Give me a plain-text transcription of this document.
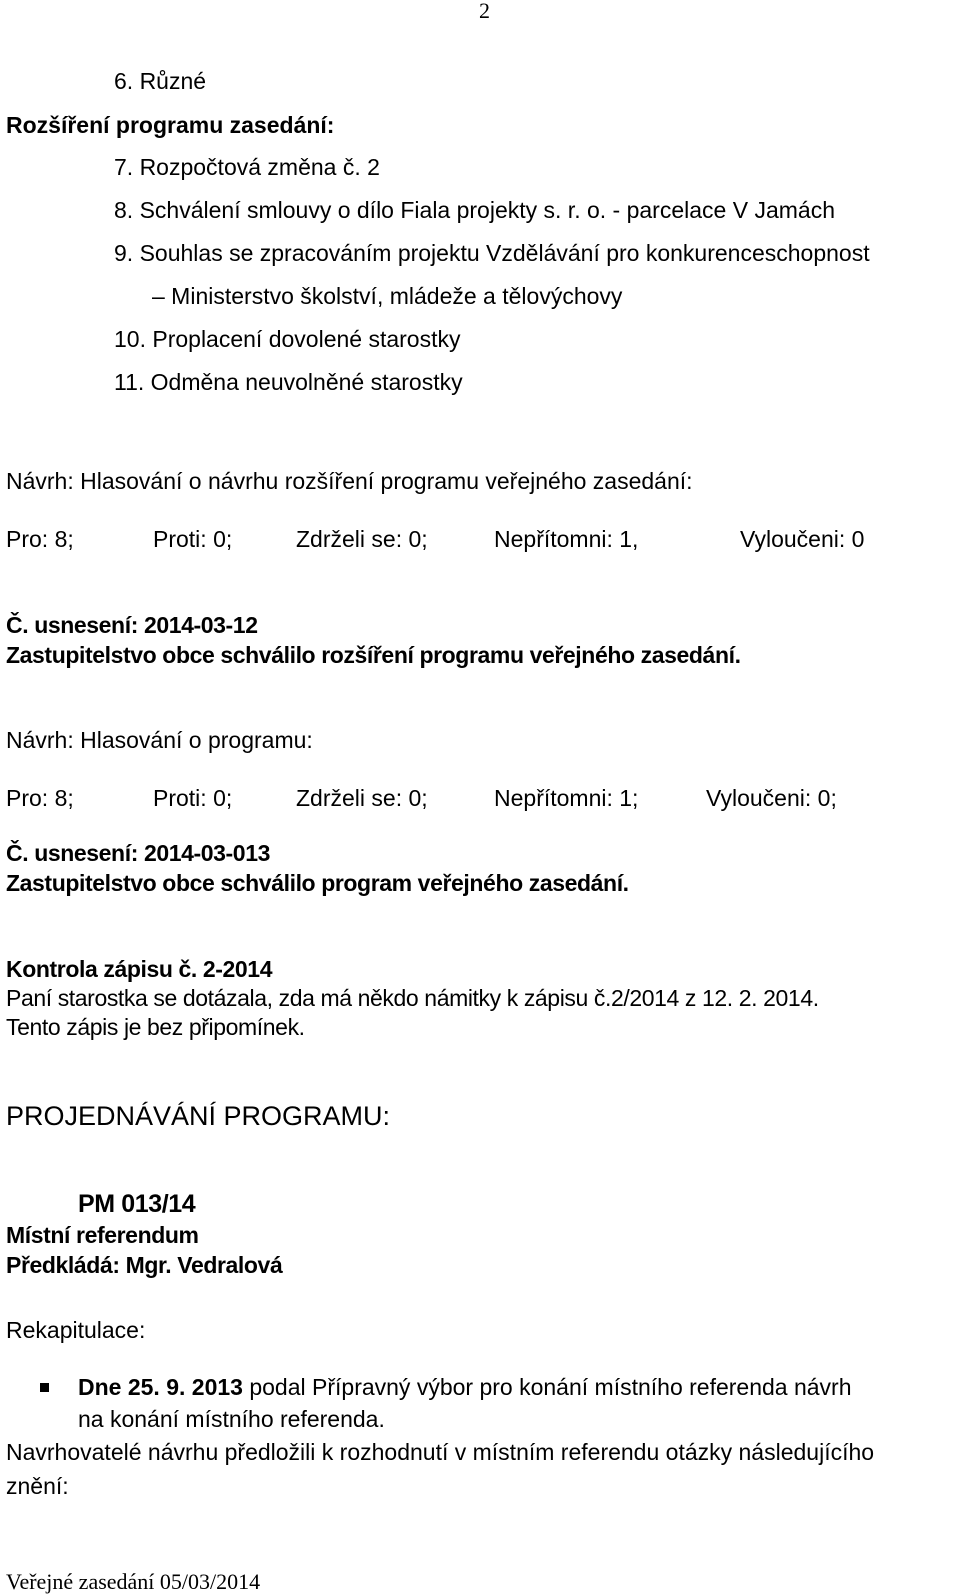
2
6. Různé
Rozšíření programu zasedání:
7. Rozpočtová změna č. 2
8. Schválení smlouvy o dílo Fiala projekty s. r. o. - parcelace V Jamách
9. Souhlas se zpracováním projektu Vzdělávání pro konkurenceschopnost
– Ministerstvo školství, mládeže a tělovýchovy
10. Proplacení dovolené starostky
11. Odměna neuvolněné starostky
Návrh: Hlasování o návrhu rozšíření programu veřejného zasedání:
Pro: 8;	Proti: 0;	Zdrželi se: 0;	Nepřítomni: 1,	Vyloučeni: 0
Č. usnesení: 2014-03-12
Zastupitelstvo obce schválilo rozšíření programu veřejného zasedání.
Návrh: Hlasování o programu:
Pro: 8;	Proti: 0;	Zdrželi se: 0;	Nepřítomni: 1;	Vyloučeni: 0;
Č. usnesení: 2014-03-013
Zastupitelstvo obce schválilo program veřejného zasedání.
Kontrola zápisu č. 2-2014
Paní starostka se dotázala, zda má někdo námitky k zápisu č.2/2014 z 12. 2. 2014.
Tento zápis je bez připomínek.
PROJEDNÁVÁNÍ PROGRAMU:
PM 013/14
Místní referendum
Předkládá: Mgr. Vedralová
Rekapitulace:
Dne 25. 9. 2013 podal Přípravný výbor pro konání místního referenda návrh
na konání místního referenda.
Navrhovatelé návrhu předložili k rozhodnutí v místním referendu otázky následujícího
znění:
Veřejné zasedání 05/03/2014
